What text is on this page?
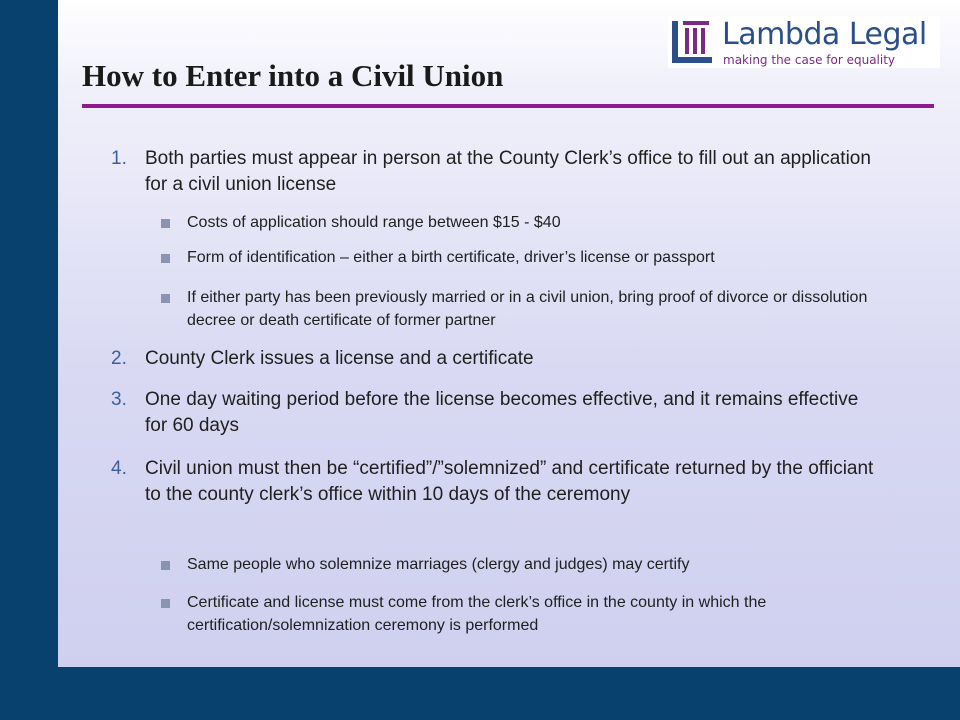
Lambda Legal
making the case for equality
How to Enter into a Civil Union
1. Both parties must appear in person at the County Clerk’s office to fill out an application for a civil union license
Costs of application should range between $15 - $40
Form of identification – either a birth certificate, driver’s license or passport
If either party has been previously married or in a civil union, bring proof of divorce or dissolution decree or death certificate of former partner
2. County Clerk issues a license and a certificate
3. One day waiting period before the license becomes effective, and it remains effective for 60 days
4. Civil union must then be “certified”/”solemnized” and certificate returned by the officiant to the county clerk’s office within 10 days of the ceremony
Same people who solemnize marriages (clergy and judges) may certify
Certificate and license must come from the clerk’s office in the county in which the certification/solemnization ceremony is performed
